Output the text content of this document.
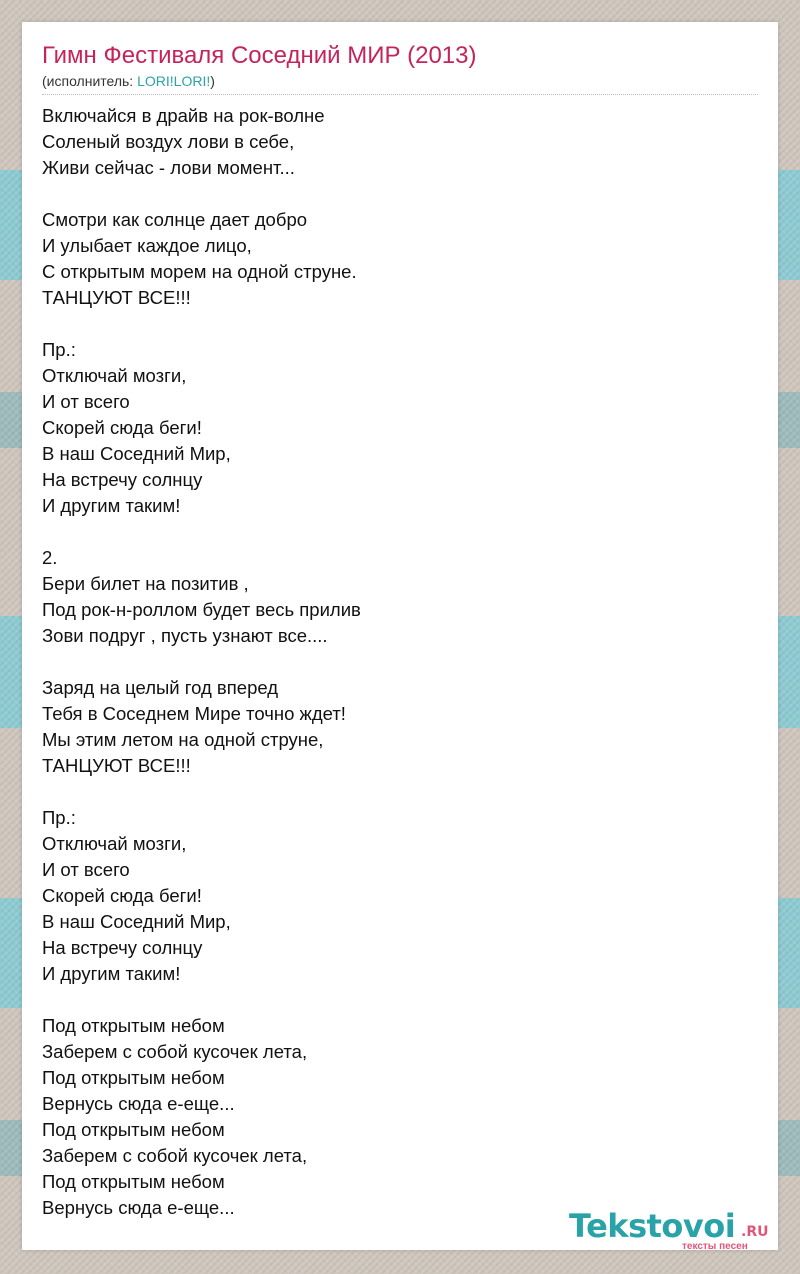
Гимн Фестиваля Соседний МИР (2013)
(исполнитель: LORI!LORI!)
Включайся в драйв на рок-волне
Соленый воздух лови в себе,
Живи сейчас - лови момент...
Смотри как солнце дает добро
И улыбает каждое лицо,
С открытым морем на одной струне.
ТАНЦУЮТ ВСЕ!!!
Пр.:
Отключай мозги,
И от всего
Скорей сюда беги!
В наш Соседний Мир,
На встречу солнцу
И другим таким!
2.
Бери билет на позитив ,
Под рок-н-роллом будет весь прилив
Зови подруг , пусть узнают все....
Заряд на целый год вперед
Тебя в Соседнем Мире точно ждет!
Мы этим летом на одной струне,
ТАНЦУЮТ ВСЕ!!!
Пр.:
Отключай мозги,
И от всего
Скорей сюда беги!
В наш Соседний Мир,
На встречу солнцу
И другим таким!
Под открытым небом
Заберем с собой кусочек лета,
Под открытым небом
Вернусь сюда е-еще...
Под открытым небом
Заберем с собой кусочек лета,
Под открытым небом
Вернусь сюда е-еще...	Tekstovoi .RU
тексты песен
